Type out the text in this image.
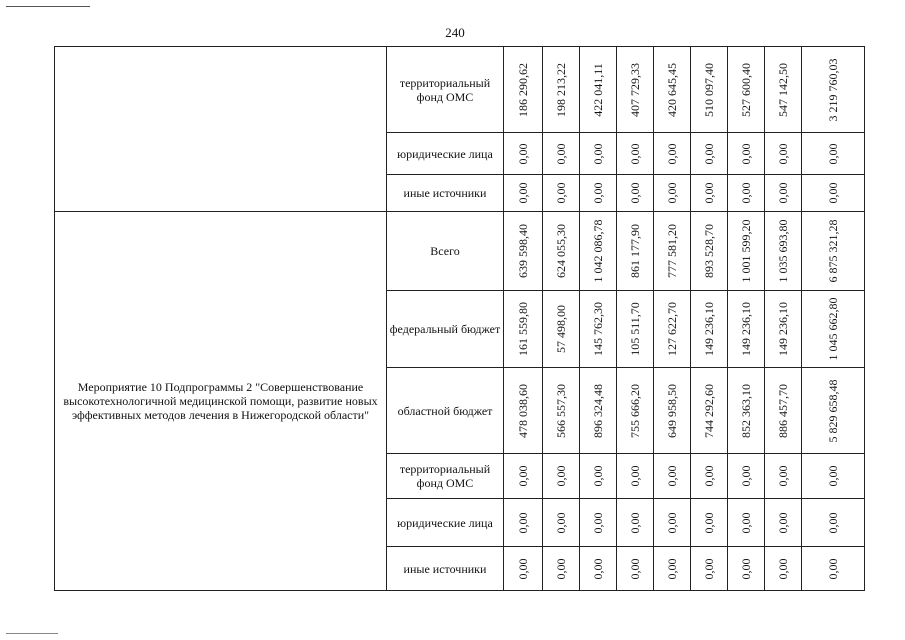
240
	территориальный фонд ОМС	186 290,62	198 213,22	422 041,11	407 729,33	420 645,45	510 097,40	527 600,40	547 142,50	3 219 760,03

	юридические лица	0,00	0,00	0,00	0,00	0,00	0,00	0,00	0,00	0,00

	иные источники	0,00	0,00	0,00	0,00	0,00	0,00	0,00	0,00	0,00

Мероприятие 10 Подпрограммы 2 "Совершенствование высокотехнологичной медицинской помощи, развитие новых эффективных методов лечения в Нижегородской области"	Всего	639 598,40	624 055,30	1 042 086,78	861 177,90	777 581,20	893 528,70	1 001 599,20	1 035 693,80	6 875 321,28

	федеральный бюджет	161 559,80	57 498,00	145 762,30	105 511,70	127 622,70	149 236,10	149 236,10	149 236,10	1 045 662,80

	областной бюджет	478 038,60	566 557,30	896 324,48	755 666,20	649 958,50	744 292,60	852 363,10	886 457,70	5 829 658,48

	территориальный фонд ОМС	0,00	0,00	0,00	0,00	0,00	0,00	0,00	0,00	0,00

	юридические лица	0,00	0,00	0,00	0,00	0,00	0,00	0,00	0,00	0,00

	иные источники	0,00	0,00	0,00	0,00	0,00	0,00	0,00	0,00	0,00
